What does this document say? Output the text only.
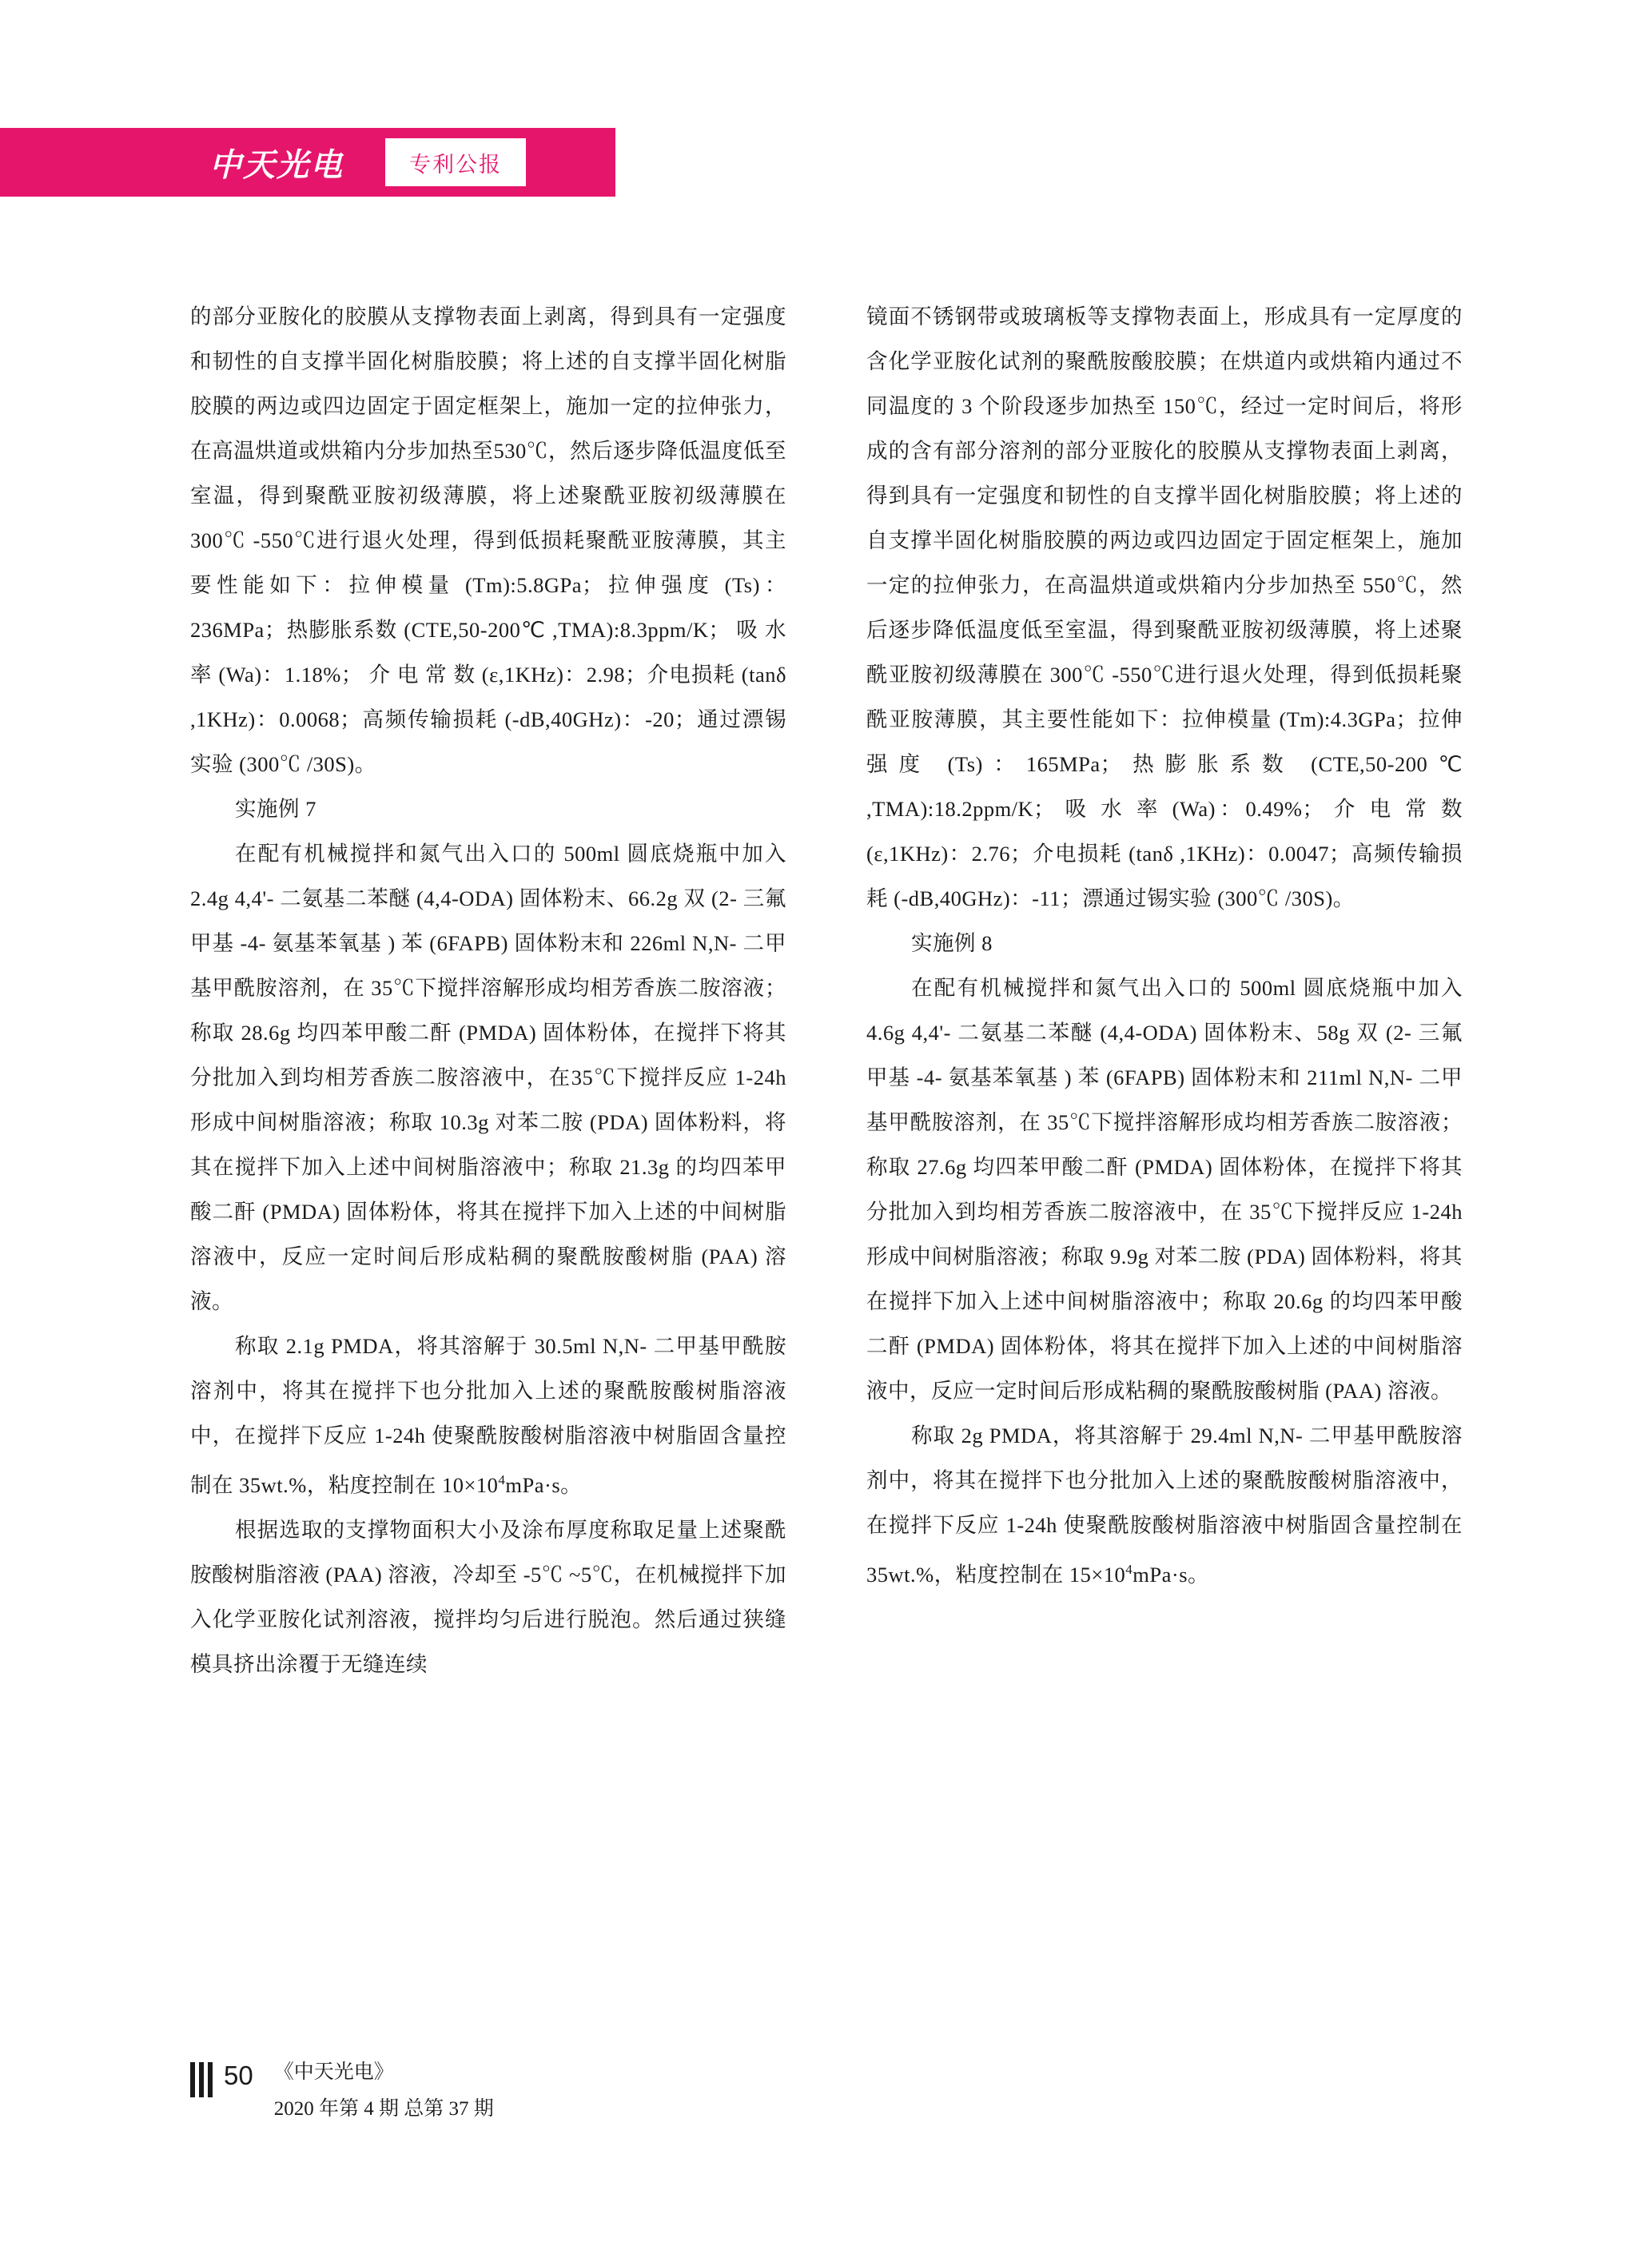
中天光电	专利公报

的部分亚胺化的胶膜从支撑物表面上剥离，得到具有一定强度和韧性的自支撑半固化树脂胶膜；将上述的自支撑半固化树脂胶膜的两边或四边固定于固定框架上，施加一定的拉伸张力，在高温烘道或烘箱内分步加热至530℃，然后逐步降低温度低至室温，得到聚酰亚胺初级薄膜，将上述聚酰亚胺初级薄膜在 300℃ -550℃进行退火处理，得到低损耗聚酰亚胺薄膜，其主要性能如下：拉伸模量 (Tm):5.8GPa；拉伸强度 (Ts)：236MPa；热膨胀系数 (CTE,50-200℃ ,TMA):8.3ppm/K； 吸 水 率 (Wa)：1.18%； 介 电 常 数 (ε,1KHz)：2.98；介电损耗 (tanδ ,1KHz)：0.0068；高频传输损耗 (-dB,40GHz)：-20；通过漂锡实验 (300℃ /30S)。

实施例 7

在配有机械搅拌和氮气出入口的 500ml 圆底烧瓶中加入 2.4g 4,4'- 二氨基二苯醚 (4,4-ODA) 固体粉末、66.2g 双 (2- 三氟甲基 -4- 氨基苯氧基 ) 苯 (6FAPB) 固体粉末和 226ml N,N- 二甲基甲酰胺溶剂，在 35℃下搅拌溶解形成均相芳香族二胺溶液；称取 28.6g 均四苯甲酸二酐 (PMDA) 固体粉体，在搅拌下将其分批加入到均相芳香族二胺溶液中，在35℃下搅拌反应 1-24h 形成中间树脂溶液；称取 10.3g 对苯二胺 (PDA) 固体粉料，将其在搅拌下加入上述中间树脂溶液中；称取 21.3g 的均四苯甲酸二酐 (PMDA) 固体粉体，将其在搅拌下加入上述的中间树脂溶液中，反应一定时间后形成粘稠的聚酰胺酸树脂 (PAA) 溶液。

称取 2.1g PMDA，将其溶解于 30.5ml N,N- 二甲基甲酰胺溶剂中，将其在搅拌下也分批加入上述的聚酰胺酸树脂溶液中，在搅拌下反应 1-24h 使聚酰胺酸树脂溶液中树脂固含量控制在 35wt.%，粘度控制在 $10\times 10^4mPa\cdot s$。

根据选取的支撑物面积大小及涂布厚度称取足量上述聚酰胺酸树脂溶液 (PAA) 溶液，冷却至 -5℃ ~5℃，在机械搅拌下加入化学亚胺化试剂溶液，搅拌均匀后进行脱泡。然后通过狭缝模具挤出涂覆于无缝连续

镜面不锈钢带或玻璃板等支撑物表面上，形成具有一定厚度的含化学亚胺化试剂的聚酰胺酸胶膜；在烘道内或烘箱内通过不同温度的 3 个阶段逐步加热至 150℃，经过一定时间后，将形成的含有部分溶剂的部分亚胺化的胶膜从支撑物表面上剥离，得到具有一定强度和韧性的自支撑半固化树脂胶膜；将上述的自支撑半固化树脂胶膜的两边或四边固定于固定框架上，施加一定的拉伸张力，在高温烘道或烘箱内分步加热至 550℃，然后逐步降低温度低至室温，得到聚酰亚胺初级薄膜，将上述聚酰亚胺初级薄膜在 300℃ -550℃进行退火处理，得到低损耗聚酰亚胺薄膜，其主要性能如下：拉伸模量 (Tm):4.3GPa；拉伸强度 (Ts)：165MPa；热膨胀系数 (CTE,50-200℃ ,TMA):18.2ppm/K； 吸 水 率 (Wa)：0.49%； 介 电 常 数 (ε,1KHz)：2.76；介电损耗 (tanδ ,1KHz)：0.0047；高频传输损耗 (-dB,40GHz)：-11；漂通过锡实验 (300℃ /30S)。

实施例 8

在配有机械搅拌和氮气出入口的 500ml 圆底烧瓶中加入 4.6g 4,4'- 二氨基二苯醚 (4,4-ODA) 固体粉末、58g 双 (2- 三氟甲基 -4- 氨基苯氧基 ) 苯 (6FAPB) 固体粉末和 211ml N,N- 二甲基甲酰胺溶剂，在 35℃下搅拌溶解形成均相芳香族二胺溶液；称取 27.6g 均四苯甲酸二酐 (PMDA) 固体粉体，在搅拌下将其分批加入到均相芳香族二胺溶液中，在 35℃下搅拌反应 1-24h 形成中间树脂溶液；称取 9.9g 对苯二胺 (PDA) 固体粉料，将其在搅拌下加入上述中间树脂溶液中；称取 20.6g 的均四苯甲酸二酐 (PMDA) 固体粉体，将其在搅拌下加入上述的中间树脂溶液中，反应一定时间后形成粘稠的聚酰胺酸树脂 (PAA) 溶液。

称取 2g PMDA，将其溶解于 29.4ml N,N- 二甲基甲酰胺溶剂中，将其在搅拌下也分批加入上述的聚酰胺酸树脂溶液中，在搅拌下反应 1-24h 使聚酰胺酸树脂溶液中树脂固含量控制在 35wt.%，粘度控制在 $15\times 10^4mPa\cdot s$。

50 《中天光电》
2020 年第 4 期 总第 37 期
